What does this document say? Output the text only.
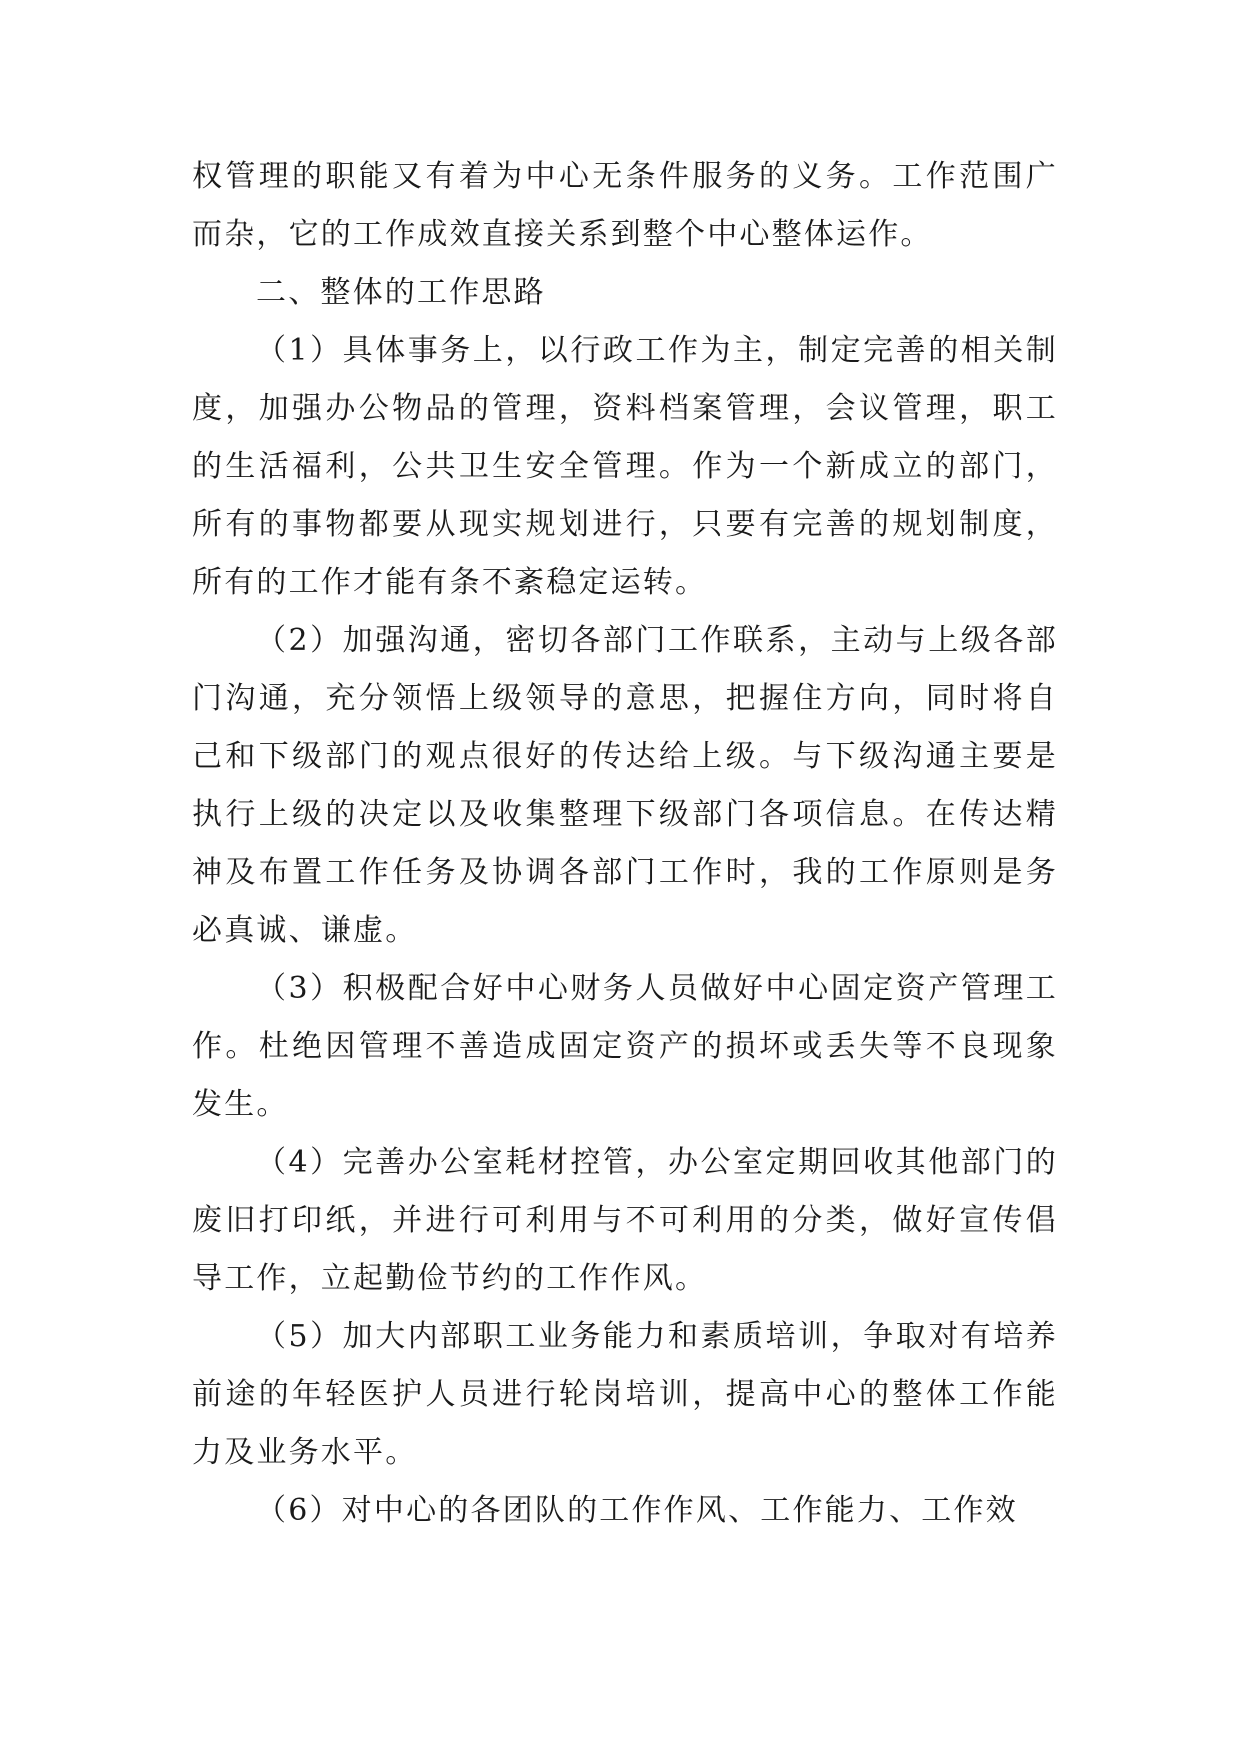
权管理的职能又有着为中心无条件服务的义务。工作范围广而杂，它的工作成效直接关系到整个中心整体运作。

二、整体的工作思路

（1）具体事务上，以行政工作为主，制定完善的相关制度，加强办公物品的管理，资料档案管理，会议管理，职工的生活福利，公共卫生安全管理。作为一个新成立的部门，所有的事物都要从现实规划进行，只要有完善的规划制度，所有的工作才能有条不紊稳定运转。

（2）加强沟通，密切各部门工作联系，主动与上级各部门沟通，充分领悟上级领导的意思，把握住方向，同时将自己和下级部门的观点很好的传达给上级。与下级沟通主要是执行上级的决定以及收集整理下级部门各项信息。在传达精神及布置工作任务及协调各部门工作时，我的工作原则是务必真诚、谦虚。

（3）积极配合好中心财务人员做好中心固定资产管理工作。杜绝因管理不善造成固定资产的损坏或丢失等不良现象发生。

（4）完善办公室耗材控管，办公室定期回收其他部门的废旧打印纸，并进行可利用与不可利用的分类，做好宣传倡导工作，立起勤俭节约的工作作风。

（5）加大内部职工业务能力和素质培训，争取对有培养前途的年轻医护人员进行轮岗培训，提高中心的整体工作能力及业务水平。

（6）对中心的各团队的工作作风、工作能力、工作效
